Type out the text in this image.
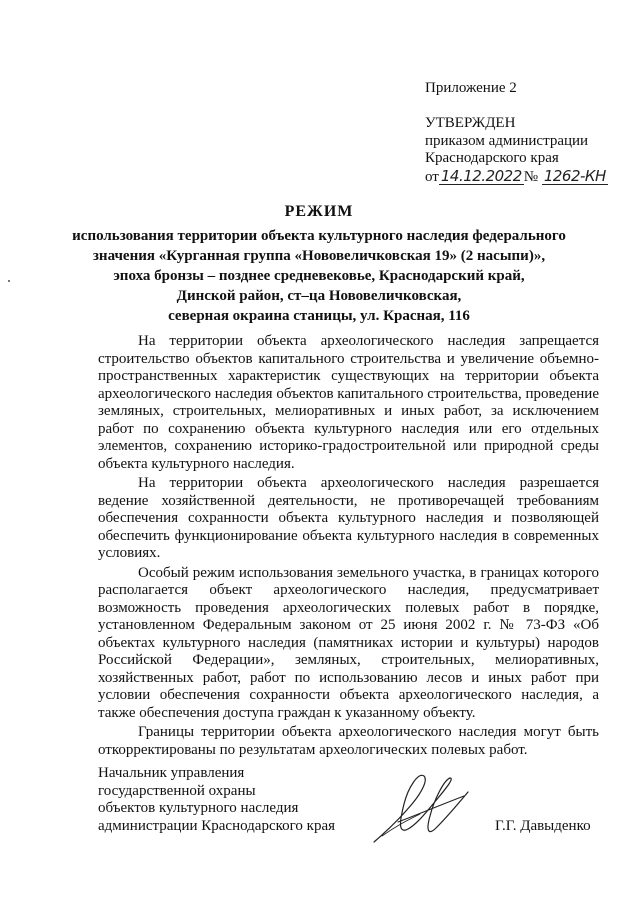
Приложение 2
УТВЕРЖДЕН
приказом администрации
Краснодарского края
от 14.12.2022 № 1262-КН
РЕЖИМ
использования территории объекта культурного наследия федерального
значения «Курганная группа «Нововеличковская 19» (2 насыпи)»,
эпоха бронзы – позднее средневековье, Краснодарский край,
Динской район, ст–ца Нововеличковская,
северная окраина станицы, ул. Красная, 116

На территории объекта археологического наследия запрещается строительство объектов капитального строительства и увеличение объемно-пространственных характеристик существующих на территории объекта археологического наследия объектов капитального строительства, проведение земляных, строительных, мелиоративных и иных работ, за исключением работ по сохранению объекта культурного наследия или его отдельных элементов, сохранению историко-градостроительной или природной среды объекта культурного наследия.

На территории объекта археологического наследия разрешается ведение хозяйственной деятельности, не противоречащей требованиям обеспечения сохранности объекта культурного наследия и позволяющей обеспечить функционирование объекта культурного наследия в современных условиях.

Особый режим использования земельного участка, в границах которого располагается объект археологического наследия, предусматривает возможность проведения археологических полевых работ в порядке, установленном Федеральным законом от 25 июня 2002 г. № 73-ФЗ «Об объектах культурного наследия (памятниках истории и культуры) народов Российской Федерации», земляных, строительных, мелиоративных, хозяйственных работ, работ по использованию лесов и иных работ при условии обеспечения сохранности объекта археологического наследия, а также обеспечения доступа граждан к указанному объекту.

Границы территории объекта археологического наследия могут быть откорректированы по результатам археологических полевых работ.

Начальник управления
государственной охраны
объектов культурного наследия
администрации Краснодарского края	Г.Г. Давыденко
